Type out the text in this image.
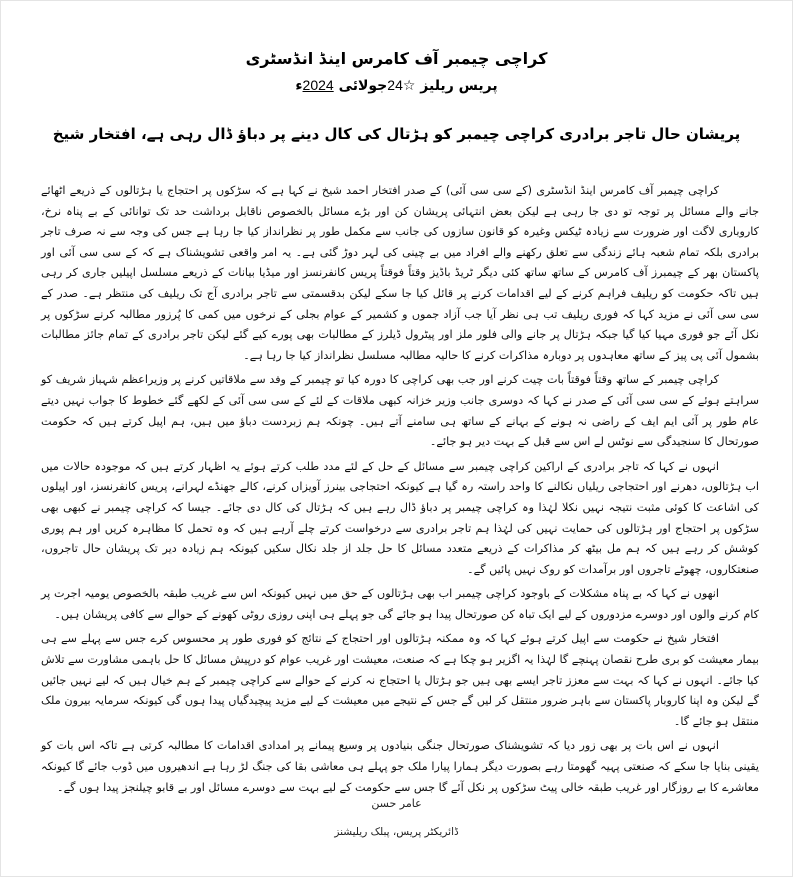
کراچی چیمبر آف کامرس اینڈ انڈسٹری
پریس ریلیز ☆24جولائی 2024ء
پریشان حال تاجر برادری کراچی چیمبر کو ہڑتال کی کال دینے پر دباؤ ڈال رہی ہے، افتخار شیخ

کراچی چیمبر آف کامرس اینڈ انڈسٹری (کے سی سی آئی) کے صدر افتخار احمد شیخ نے کہا ہے کہ سڑکوں پر احتجاج یا ہڑتالوں کے ذریعے اٹھائے جانے والے مسائل پر توجہ تو دی جا رہی ہے لیکن بعض انتہائی پریشان کن اور بڑے مسائل بالخصوص ناقابل برداشت حد تک توانائی کے بے پناہ نرخ، کاروباری لاگت اور ضرورت سے زیادہ ٹیکس وغیرہ کو قانون سازوں کی جانب سے مکمل طور پر نظرانداز کیا جا رہا ہے جس کی وجہ سے نہ صرف تاجر برادری بلکہ تمام شعبہ ہائے زندگی سے تعلق رکھنے والے افراد میں بے چینی کی لہر دوڑ گئی ہے۔ یہ امر واقعی تشویشناک ہے کہ کے سی سی آئی اور پاکستان بھر کے چیمبرز آف کامرس کے ساتھ ساتھ کئی دیگر ٹریڈ باڈیز وقتاً فوقتاً پریس کانفرنسز اور میڈیا بیانات کے ذریعے مسلسل اپیلیں جاری کر رہی ہیں تاکہ حکومت کو ریلیف فراہم کرنے کے لیے اقدامات کرنے پر قائل کیا جا سکے لیکن بدقسمتی سے تاجر برادری آج تک ریلیف کی منتظر ہے۔ صدر کے سی سی آئی نے مزید کہا کہ فوری ریلیف تب ہی نظر آیا جب آزاد جموں و کشمیر کے عوام بجلی کے نرخوں میں کمی کا پُرزور مطالبہ کرنے سڑکوں پر نکل آئے جو فوری مہیا کیا گیا جبکہ ہڑتال پر جانے والی فلور ملز اور پیٹرول ڈیلرز کے مطالبات بھی پورے کیے گئے لیکن تاجر برادری کے تمام جائز مطالبات بشمول آئی پی پیز کے ساتھ معاہدوں پر دوبارہ مذاکرات کرنے کا حالیہ مطالبہ مسلسل نظرانداز کیا جا رہا ہے۔

کراچی چیمبر کے ساتھ وقتاً فوقتاً بات چیت کرنے اور جب بھی کراچی کا دورہ کیا تو چیمبر کے وفد سے ملاقاتیں کرنے پر وزیراعظم شہباز شریف کو سراہتے ہوئے کے سی سی آئی کے صدر نے کہا کہ دوسری جانب وزیر خزانہ کبھی ملاقات کے لئے کے سی سی آئی کے لکھے گئے خطوط کا جواب نہیں دیتے عام طور پر آئی ایم ایف کے راضی نہ ہونے کے بہانے کے ساتھ ہی سامنے آتے ہیں۔ چونکہ ہم زبردست دباؤ میں ہیں، ہم اپیل کرتے ہیں کہ حکومت صورتحال کا سنجیدگی سے نوٹس لے اس سے قبل کے بہت دیر ہو جائے۔

انہوں نے کہا کہ تاجر برادری کے اراکین کراچی چیمبر سے مسائل کے حل کے لئے مدد طلب کرتے ہوئے یہ اظہار کرتے ہیں کہ موجودہ حالات میں اب ہڑتالوں، دھرنے اور احتجاجی ریلیاں نکالنے کا واحد راستہ رہ گیا ہے کیونکہ احتجاجی بینرز آویزاں کرنے، کالے جھنڈے لہرانے، پریس کانفرنسز، اور اپیلوں کی اشاعت کا کوئی مثبت نتیجہ نہیں نکلا لہٰذا وہ کراچی چیمبر پر دباؤ ڈال رہے ہیں کہ ہڑتال کی کال دی جائے۔ جیسا کہ کراچی چیمبر نے کبھی بھی سڑکوں پر احتجاج اور ہڑتالوں کی حمایت نہیں کی لہٰذا ہم تاجر برادری سے درخواست کرتے چلے آرہے ہیں کہ وہ تحمل کا مظاہرہ کریں اور ہم پوری کوشش کر رہے ہیں کہ ہم مل بیٹھ کر مذاکرات کے ذریعے متعدد مسائل کا حل جلد از جلد نکال سکیں کیونکہ ہم زیادہ دیر تک پریشان حال تاجروں، صنعتکاروں، چھوٹے تاجروں اور برآمدات کو روک نہیں پائیں گے۔

انھوں نے کہا کہ بے پناہ مشکلات کے باوجود کراچی چیمبر اب بھی ہڑتالوں کے حق میں نہیں کیونکہ اس سے غریب طبقہ بالخصوص یومیہ اجرت پر کام کرنے والوں اور دوسرے مزدوروں کے لیے ایک تباہ کن صورتحال پیدا ہو جائے گی جو پہلے ہی اپنی روزی روٹی کھونے کے حوالے سے کافی پریشان ہیں۔

افتخار شیخ نے حکومت سے اپیل کرتے ہوئے کہا کہ وہ ممکنہ ہڑتالوں اور احتجاج کے نتائج کو فوری طور پر محسوس کرے جس سے پہلے سے ہی بیمار معیشت کو بری طرح نقصان پہنچے گا لہٰذا یہ اگزیر ہو چکا ہے کہ صنعت، معیشت اور غریب عوام کو درپیش مسائل کا حل باہمی مشاورت سے تلاش کیا جائے۔ انہوں نے کہا کہ بہت سے معزز تاجر ایسے بھی ہیں جو ہڑتال یا احتجاج نہ کرنے کے حوالے سے کراچی چیمبر کے ہم خیال ہیں کہ لیے نہیں جائیں گے لیکن وہ اپنا کاروبار پاکستان سے باہر ضرور منتقل کر لیں گے جس کے نتیجے میں معیشت کے لیے مزید پیچیدگیاں پیدا ہوں گی کیونکہ سرمایہ بیرون ملک منتقل ہو جائے گا۔

انہوں نے اس بات پر بھی زور دیا کہ تشویشناک صورتحال جنگی بنیادوں پر وسیع پیمانے پر امدادی اقدامات کا مطالبہ کرتی ہے تاکہ اس بات کو یقینی بنایا جا سکے کہ صنعتی پہیہ گھومتا رہے بصورت دیگر ہمارا پیارا ملک جو پہلے ہی معاشی بقا کی جنگ لڑ رہا ہے اندھیروں میں ڈوب جائے گا کیونکہ معاشرے کا بے روزگار اور غریب طبقہ خالی پیٹ سڑکوں پر نکل آئے گا جس سے حکومت کے لیے بہت سے دوسرے مسائل اور بے قابو چیلنجز پیدا ہوں گے۔

عامر حسن
ڈائریکٹر پریس، پبلک ریلیشنز
